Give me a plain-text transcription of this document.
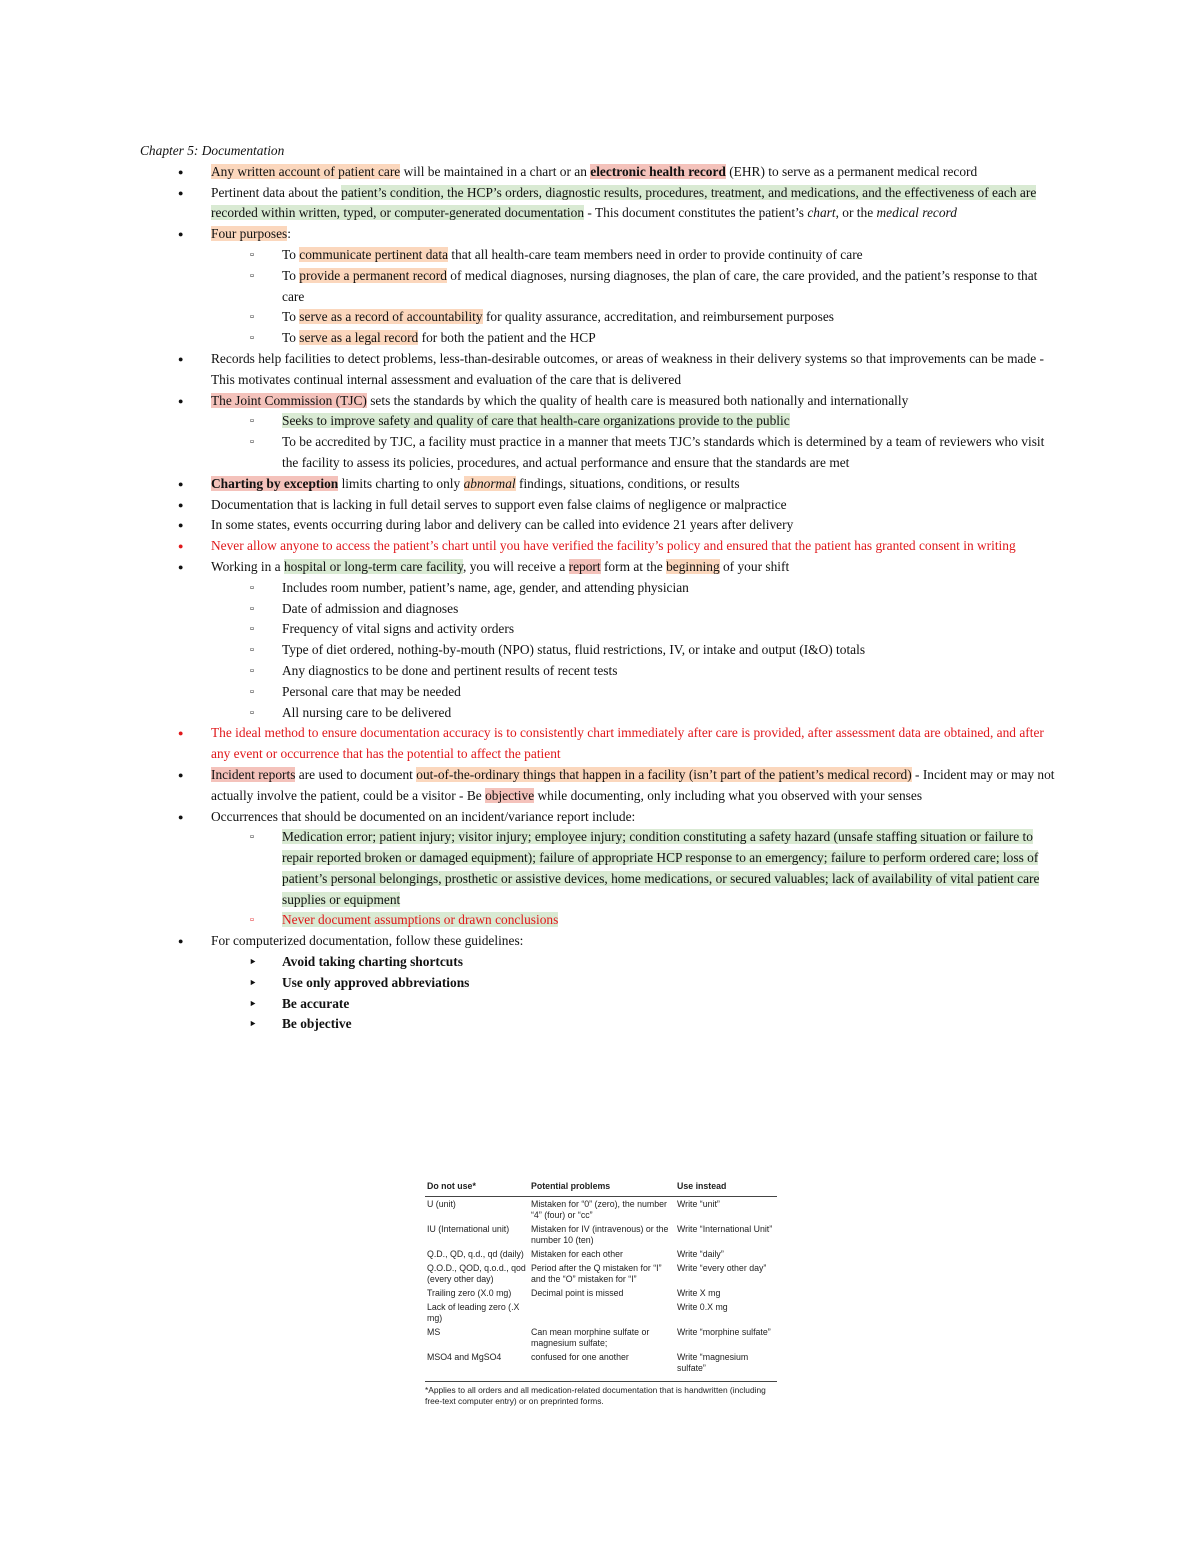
Chapter 5: Documentation
● Any written account of patient care will be maintained in a chart or an electronic health record (EHR) to serve as a permanent medical record
● Pertinent data about the patient’s condition, the HCP’s orders, diagnostic results, procedures, treatment, and medications, and the effectiveness of each are recorded within written, typed, or computer-generated documentation - This document constitutes the patient’s chart, or the medical record
● Four purposes:
▫ To communicate pertinent data that all health-care team members need in order to provide continuity of care
▫ To provide a permanent record of medical diagnoses, nursing diagnoses, the plan of care, the care provided, and the patient’s response to that care
▫ To serve as a record of accountability for quality assurance, accreditation, and reimbursement purposes
▫ To serve as a legal record for both the patient and the HCP
● Records help facilities to detect problems, less-than-desirable outcomes, or areas of weakness in their delivery systems so that improvements can be made - This motivates continual internal assessment and evaluation of the care that is delivered
● The Joint Commission (TJC) sets the standards by which the quality of health care is measured both nationally and internationally
▫ Seeks to improve safety and quality of care that health-care organizations provide to the public
▫ To be accredited by TJC, a facility must practice in a manner that meets TJC’s standards which is determined by a team of reviewers who visit the facility to assess its policies, procedures, and actual performance and ensure that the standards are met
● Charting by exception limits charting to only abnormal findings, situations, conditions, or results
● Documentation that is lacking in full detail serves to support even false claims of negligence or malpractice
● In some states, events occurring during labor and delivery can be called into evidence 21 years after delivery
● Never allow anyone to access the patient’s chart until you have verified the facility’s policy and ensured that the patient has granted consent in writing
● Working in a hospital or long-term care facility, you will receive a report form at the beginning of your shift
▫ Includes room number, patient’s name, age, gender, and attending physician
▫ Date of admission and diagnoses
▫ Frequency of vital signs and activity orders
▫ Type of diet ordered, nothing-by-mouth (NPO) status, fluid restrictions, IV, or intake and output (I&O) totals
▫ Any diagnostics to be done and pertinent results of recent tests
▫ Personal care that may be needed
▫ All nursing care to be delivered
● The ideal method to ensure documentation accuracy is to consistently chart immediately after care is provided, after assessment data are obtained, and after any event or occurrence that has the potential to affect the patient
● Incident reports are used to document out-of-the-ordinary things that happen in a facility (isn’t part of the patient’s medical record) - Incident may or may not actually involve the patient, could be a visitor - Be objective while documenting, only including what you observed with your senses
● Occurrences that should be documented on an incident/variance report include:
▫ Medication error; patient injury; visitor injury; employee injury; condition constituting a safety hazard (unsafe staffing situation or failure to repair reported broken or damaged equipment); failure of appropriate HCP response to an emergency; failure to perform ordered care; loss of patient’s personal belongings, prosthetic or assistive devices, home medications, or secured valuables; lack of availability of vital patient care supplies or equipment
▫ Never document assumptions or drawn conclusions
● For computerized documentation, follow these guidelines:
‣ Avoid taking charting shortcuts
‣ Use only approved abbreviations
‣ Be accurate
‣ Be objective
Do not use*	Potential problems	Use instead
U (unit)	Mistaken for “0” (zero), the number “4” (four) or “cc”	Write “unit”
IU (International unit)	Mistaken for IV (intravenous) or the number 10 (ten)	Write “International Unit”
Q.D., QD, q.d., qd (daily)	Mistaken for each other	Write “daily”
Q.O.D., QOD, q.o.d., qod (every other day)	Period after the Q mistaken for “I” and the “O” mistaken for “I”	Write “every other day”
Trailing zero (X.0 mg)	Decimal point is missed	Write X mg
Lack of leading zero (.X mg)		Write 0.X mg
MS	Can mean morphine sulfate or magnesium sulfate;	Write “morphine sulfate”
MSO4 and MgSO4	confused for one another	Write “magnesium sulfate”
*Applies to all orders and all medication-related documentation that is handwritten (including free-text computer entry) or on preprinted forms.
